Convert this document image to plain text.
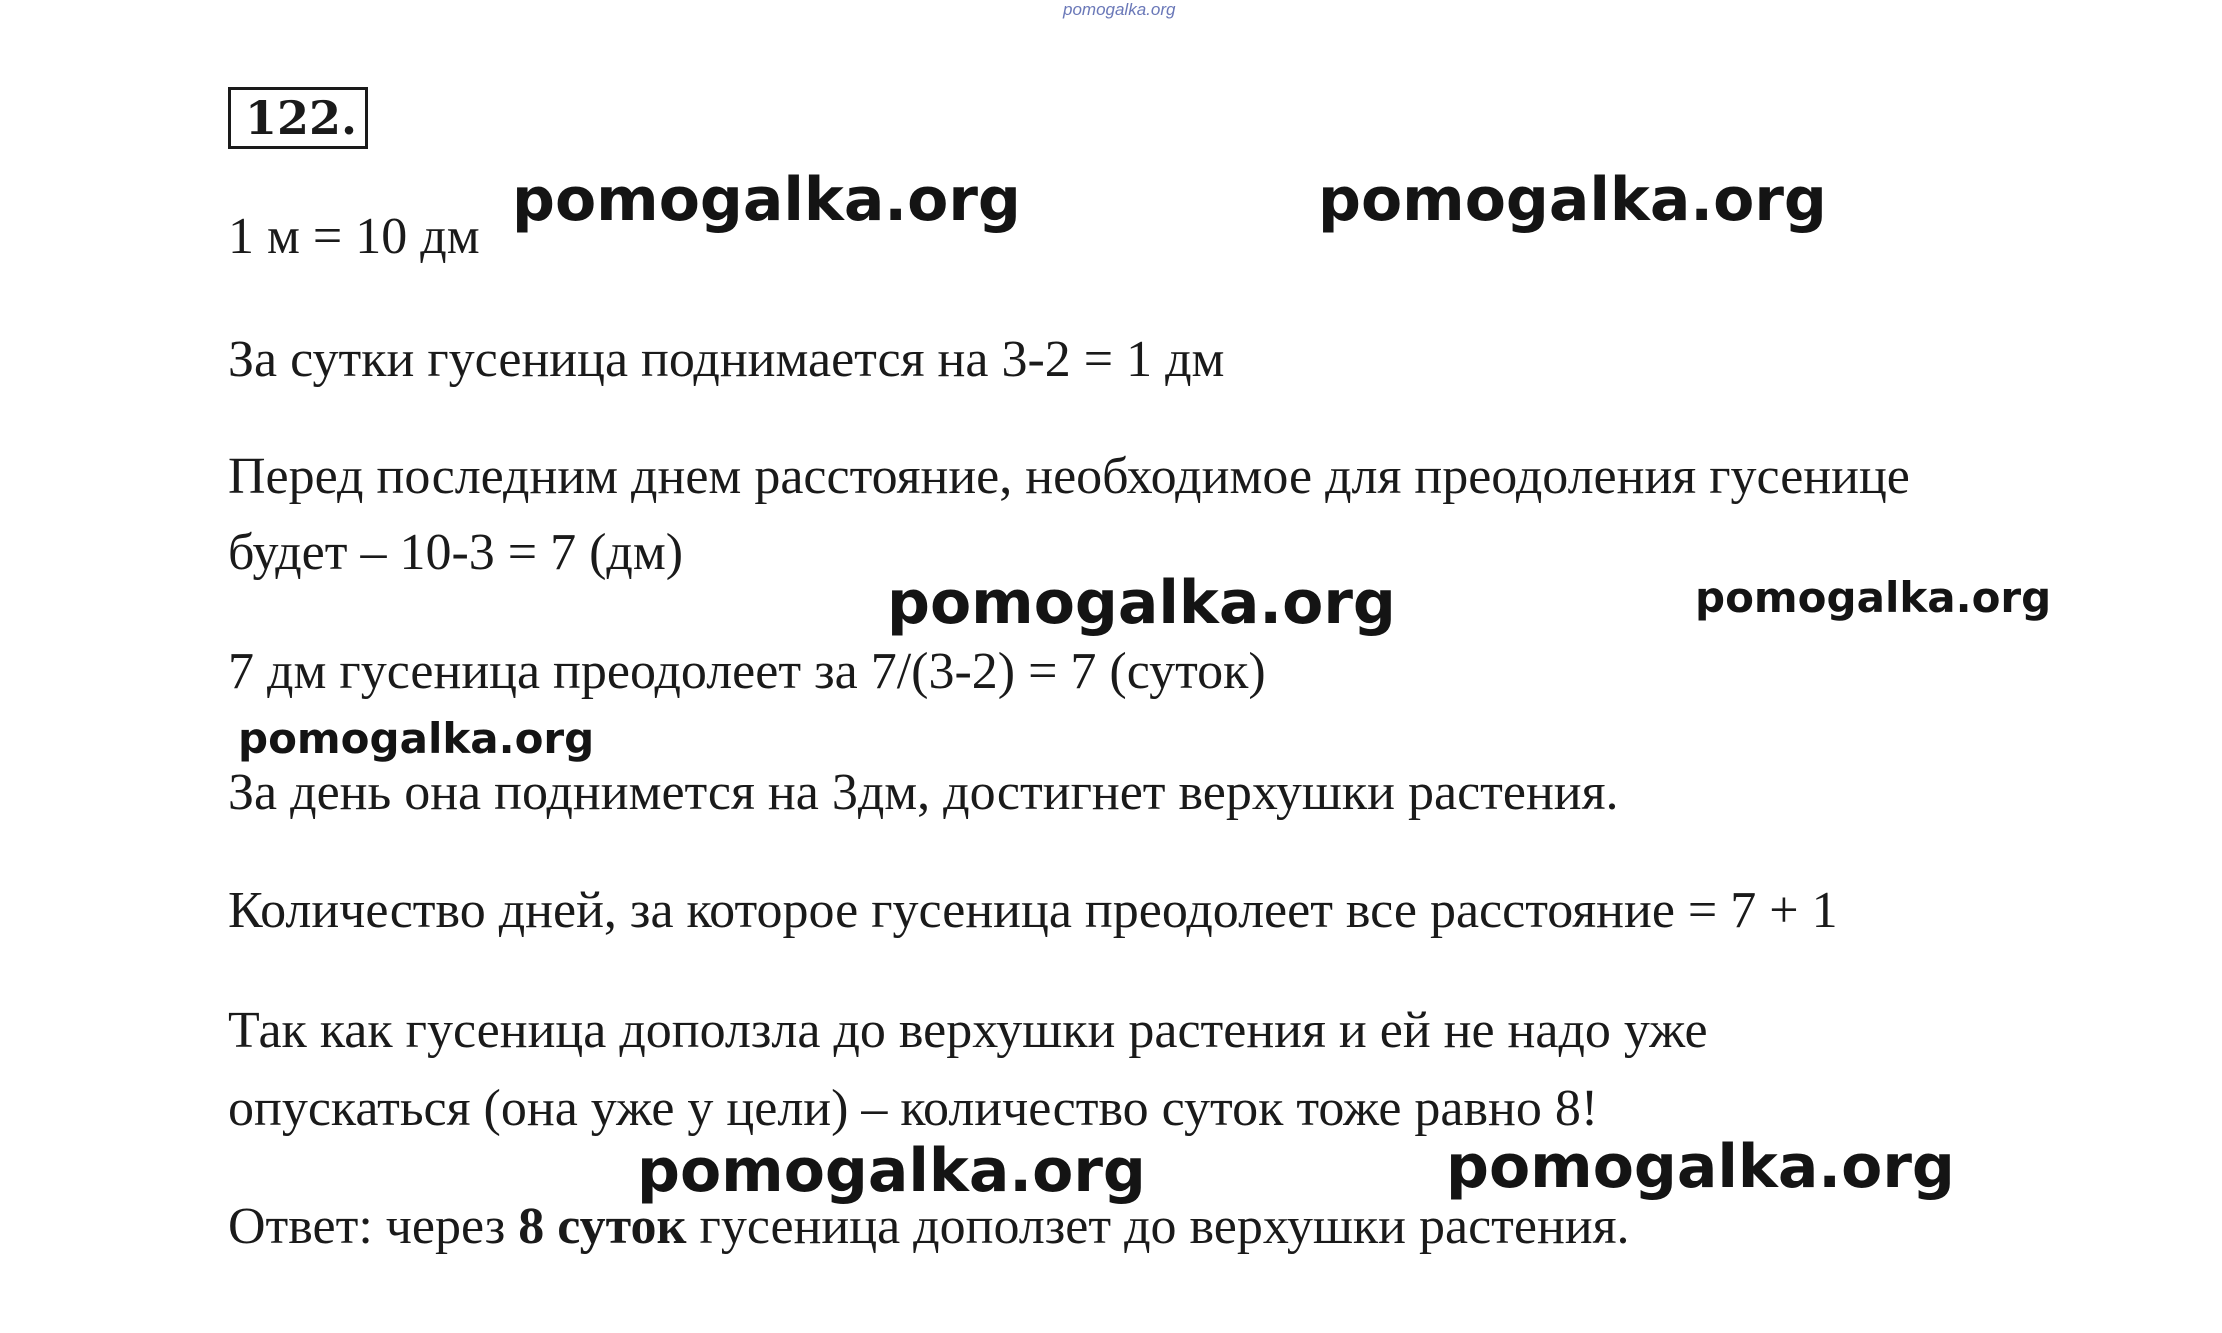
pomogalka.org
122.
1 м = 10 дм
За сутки гусеница поднимается на 3-2 = 1 дм
Перед последним днем расстояние, необходимое для преодоления гусенице
будет – 10-3 = 7 (дм)
7 дм гусеница преодолеет за 7/(3-2) = 7 (суток)
За день она поднимется на 3дм, достигнет верхушки растения.
Количество дней, за которое гусеница преодолеет все расстояние = 7 + 1
Так как гусеница доползла до верхушки растения и ей не надо уже
опускаться (она уже у цели) – количество суток тоже равно 8!
Ответ: через 8 суток гусеница доползет до верхушки растения.
pomogalka.org	pomogalka.org
pomogalka.org	pomogalka.org
pomogalka.org
pomogalka.org	pomogalka.org
